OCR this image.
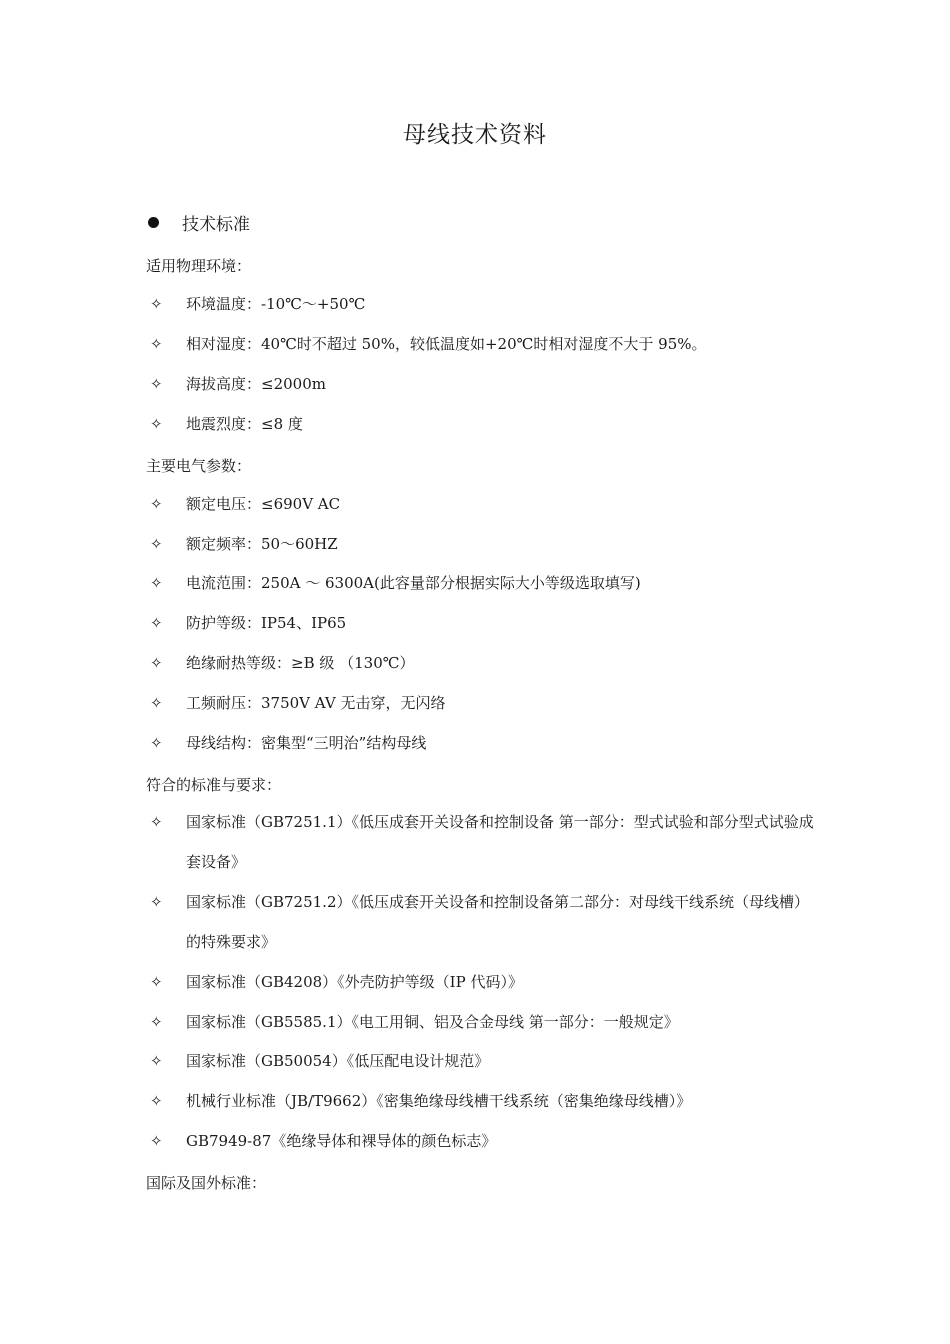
母线技术资料
技术标准
适用物理环境：
✧	环境温度：-10℃～+50℃
✧	相对湿度：40℃时不超过 50%，较低温度如+20℃时相对湿度不大于 95%。
✧	海拔高度：≤2000m
✧	地震烈度：≤8 度
主要电气参数：
✧	额定电压：≤690V AC
✧	额定频率：50～60HZ
✧	电流范围：250A ～ 6300A(此容量部分根据实际大小等级选取填写)
✧	防护等级：IP54、IP65
✧	绝缘耐热等级：≥B 级 （130℃）
✧	工频耐压：3750V AV 无击穿，无闪络
✧	母线结构：密集型“三明治”结构母线
符合的标准与要求：
✧	国家标准（GB7251.1）《低压成套开关设备和控制设备 第一部分：型式试验和部分型式试验成套设备》
✧	国家标准（GB7251.2）《低压成套开关设备和控制设备第二部分：对母线干线系统（母线槽）的特殊要求》
✧	国家标准（GB4208）《外壳防护等级（IP 代码）》
✧	国家标准（GB5585.1）《电工用铜、铝及合金母线 第一部分：一般规定》
✧	国家标准（GB50054）《低压配电设计规范》
✧	机械行业标准（JB/T9662）《密集绝缘母线槽干线系统（密集绝缘母线槽）》
✧	GB7949-87《绝缘导体和裸导体的颜色标志》
国际及国外标准：
